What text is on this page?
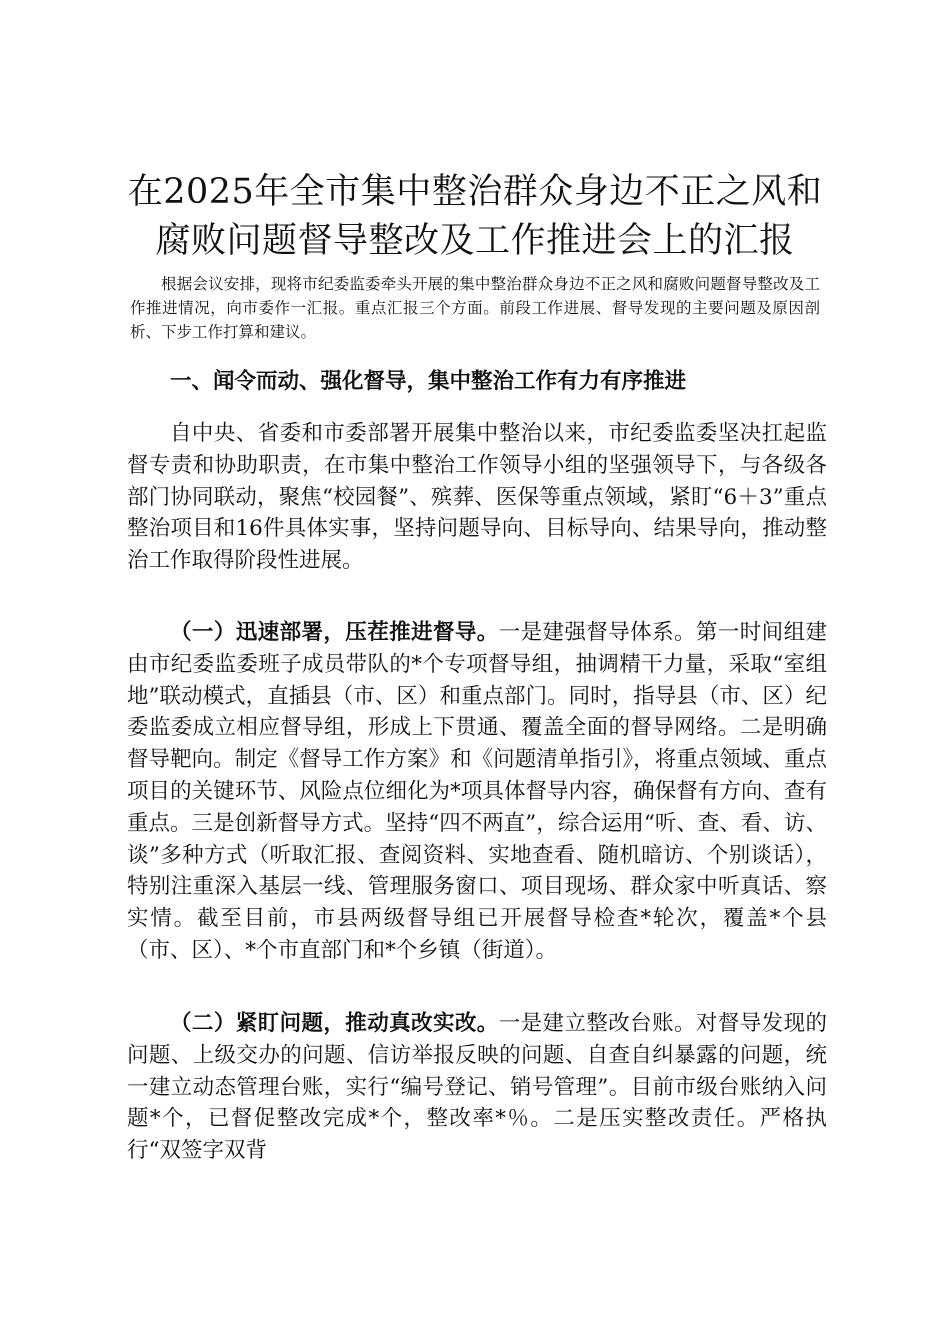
在2025年全市集中整治群众身边不正之风和腐败问题督导整改及工作推进会上的汇报

根据会议安排，现将市纪委监委牵头开展的集中整治群众身边不正之风和腐败问题督导整改及工作推进情况，向市委作一汇报。重点汇报三个方面。前段工作进展、督导发现的主要问题及原因剖析、下步工作打算和建议。

一、闻令而动、强化督导，集中整治工作有力有序推进

自中央、省委和市委部署开展集中整治以来，市纪委监委坚决扛起监督专责和协助职责，在市集中整治工作领导小组的坚强领导下，与各级各部门协同联动，聚焦“校园餐”、殡葬、医保等重点领域，紧盯“6＋3”重点整治项目和16件具体实事，坚持问题导向、目标导向、结果导向，推动整治工作取得阶段性进展。

（一）迅速部署，压茬推进督导。一是建强督导体系。第一时间组建由市纪委监委班子成员带队的*个专项督导组，抽调精干力量，采取“室组地”联动模式，直插县（市、区）和重点部门。同时，指导县（市、区）纪委监委成立相应督导组，形成上下贯通、覆盖全面的督导网络。二是明确督导靶向。制定《督导工作方案》和《问题清单指引》，将重点领域、重点项目的关键环节、风险点位细化为*项具体督导内容，确保督有方向、查有重点。三是创新督导方式。坚持“四不两直”，综合运用“听、查、看、访、谈”多种方式（听取汇报、查阅资料、实地查看、随机暗访、个别谈话），特别注重深入基层一线、管理服务窗口、项目现场、群众家中听真话、察实情。截至目前，市县两级督导组已开展督导检查*轮次，覆盖*个县（市、区）、*个市直部门和*个乡镇（街道）。

（二）紧盯问题，推动真改实改。一是建立整改台账。对督导发现的问题、上级交办的问题、信访举报反映的问题、自查自纠暴露的问题，统一建立动态管理台账，实行“编号登记、销号管理”。目前市级台账纳入问题*个，已督促整改完成*个，整改率*％。二是压实整改责任。严格执行“双签字双背
